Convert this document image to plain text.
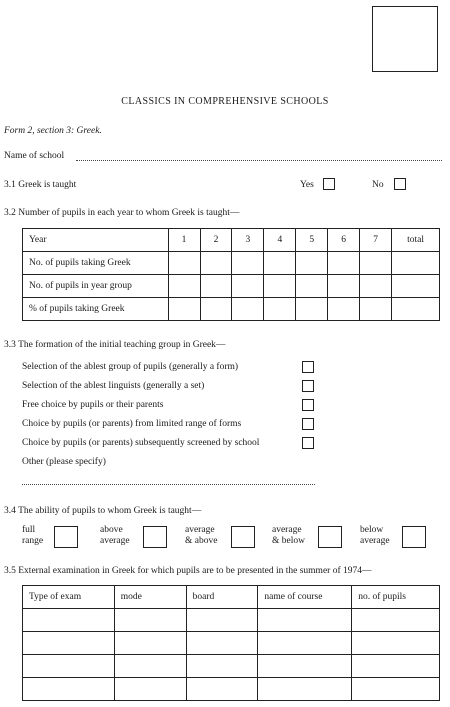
CLASSICS IN COMPREHENSIVE SCHOOLS
Form 2, section 3: Greek.
Name of school
3.1 Greek is taught	Yes	No
3.2 Number of pupils in each year to whom Greek is taught—
Year	1	2	3	4	5	6	7	total
No. of pupils taking Greek								
No. of pupils in year group								
% of pupils taking Greek								
3.3 The formation of the initial teaching group in Greek—
Selection of the ablest group of pupils (generally a form)
Selection of the ablest linguists (generally a set)
Free choice by pupils or their parents
Choice by pupils (or parents) from limited range of forms
Choice by pupils (or parents) subsequently screened by school
Other (please specify)
3.4 The ability of pupils to whom Greek is taught—
full
range
above
average
average
& above
average
& below
below
average
3.5 External examination in Greek for which pupils are to be presented in the summer of 1974—
Type of exam	mode	board	name of course	no. of pupils
